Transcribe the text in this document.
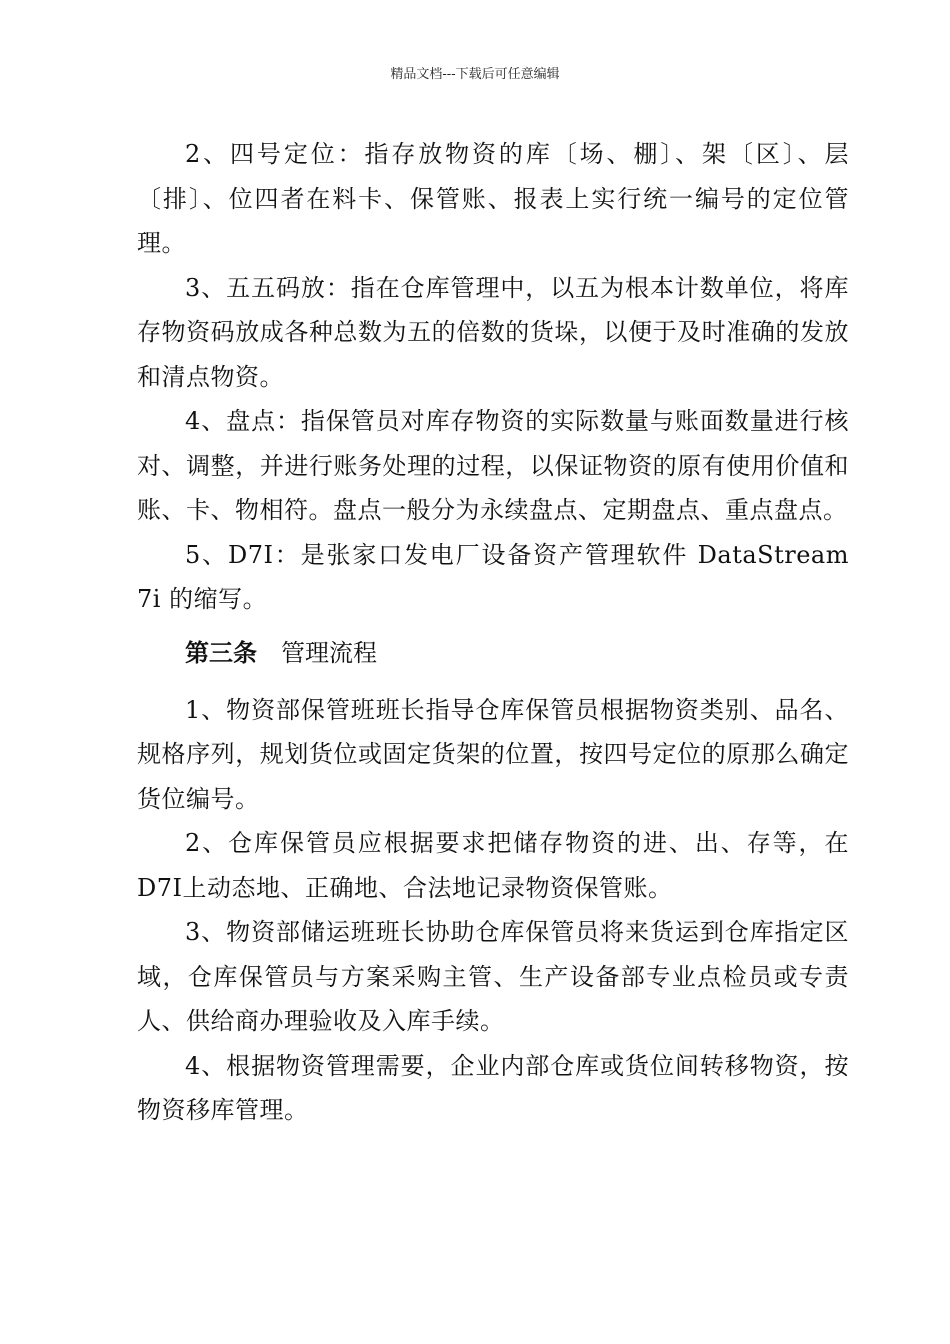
精品文档---下载后可任意编辑

2、四号定位：指存放物资的库〔场、棚〕、架〔区〕、层〔排〕、位四者在料卡、保管账、报表上实行统一编号的定位管理。

3、五五码放：指在仓库管理中，以五为根本计数单位，将库存物资码放成各种总数为五的倍数的货垛，以便于及时准确的发放和清点物资。

4、盘点：指保管员对库存物资的实际数量与账面数量进行核对、调整，并进行账务处理的过程，以保证物资的原有使用价值和账、卡、物相符。盘点一般分为永续盘点、定期盘点、重点盘点。

5、D7I：是张家口发电厂设备资产管理软件 DataStream 7i 的缩写。

第三条 管理流程

1、物资部保管班班长指导仓库保管员根据物资类别、品名、规格序列，规划货位或固定货架的位置，按四号定位的原那么确定货位编号。

2、仓库保管员应根据要求把储存物资的进、出、存等，在D7I上动态地、正确地、合法地记录物资保管账。

3、物资部储运班班长协助仓库保管员将来货运到仓库指定区域，仓库保管员与方案采购主管、生产设备部专业点检员或专责人、供给商办理验收及入库手续。

4、根据物资管理需要，企业内部仓库或货位间转移物资，按物资移库管理。
